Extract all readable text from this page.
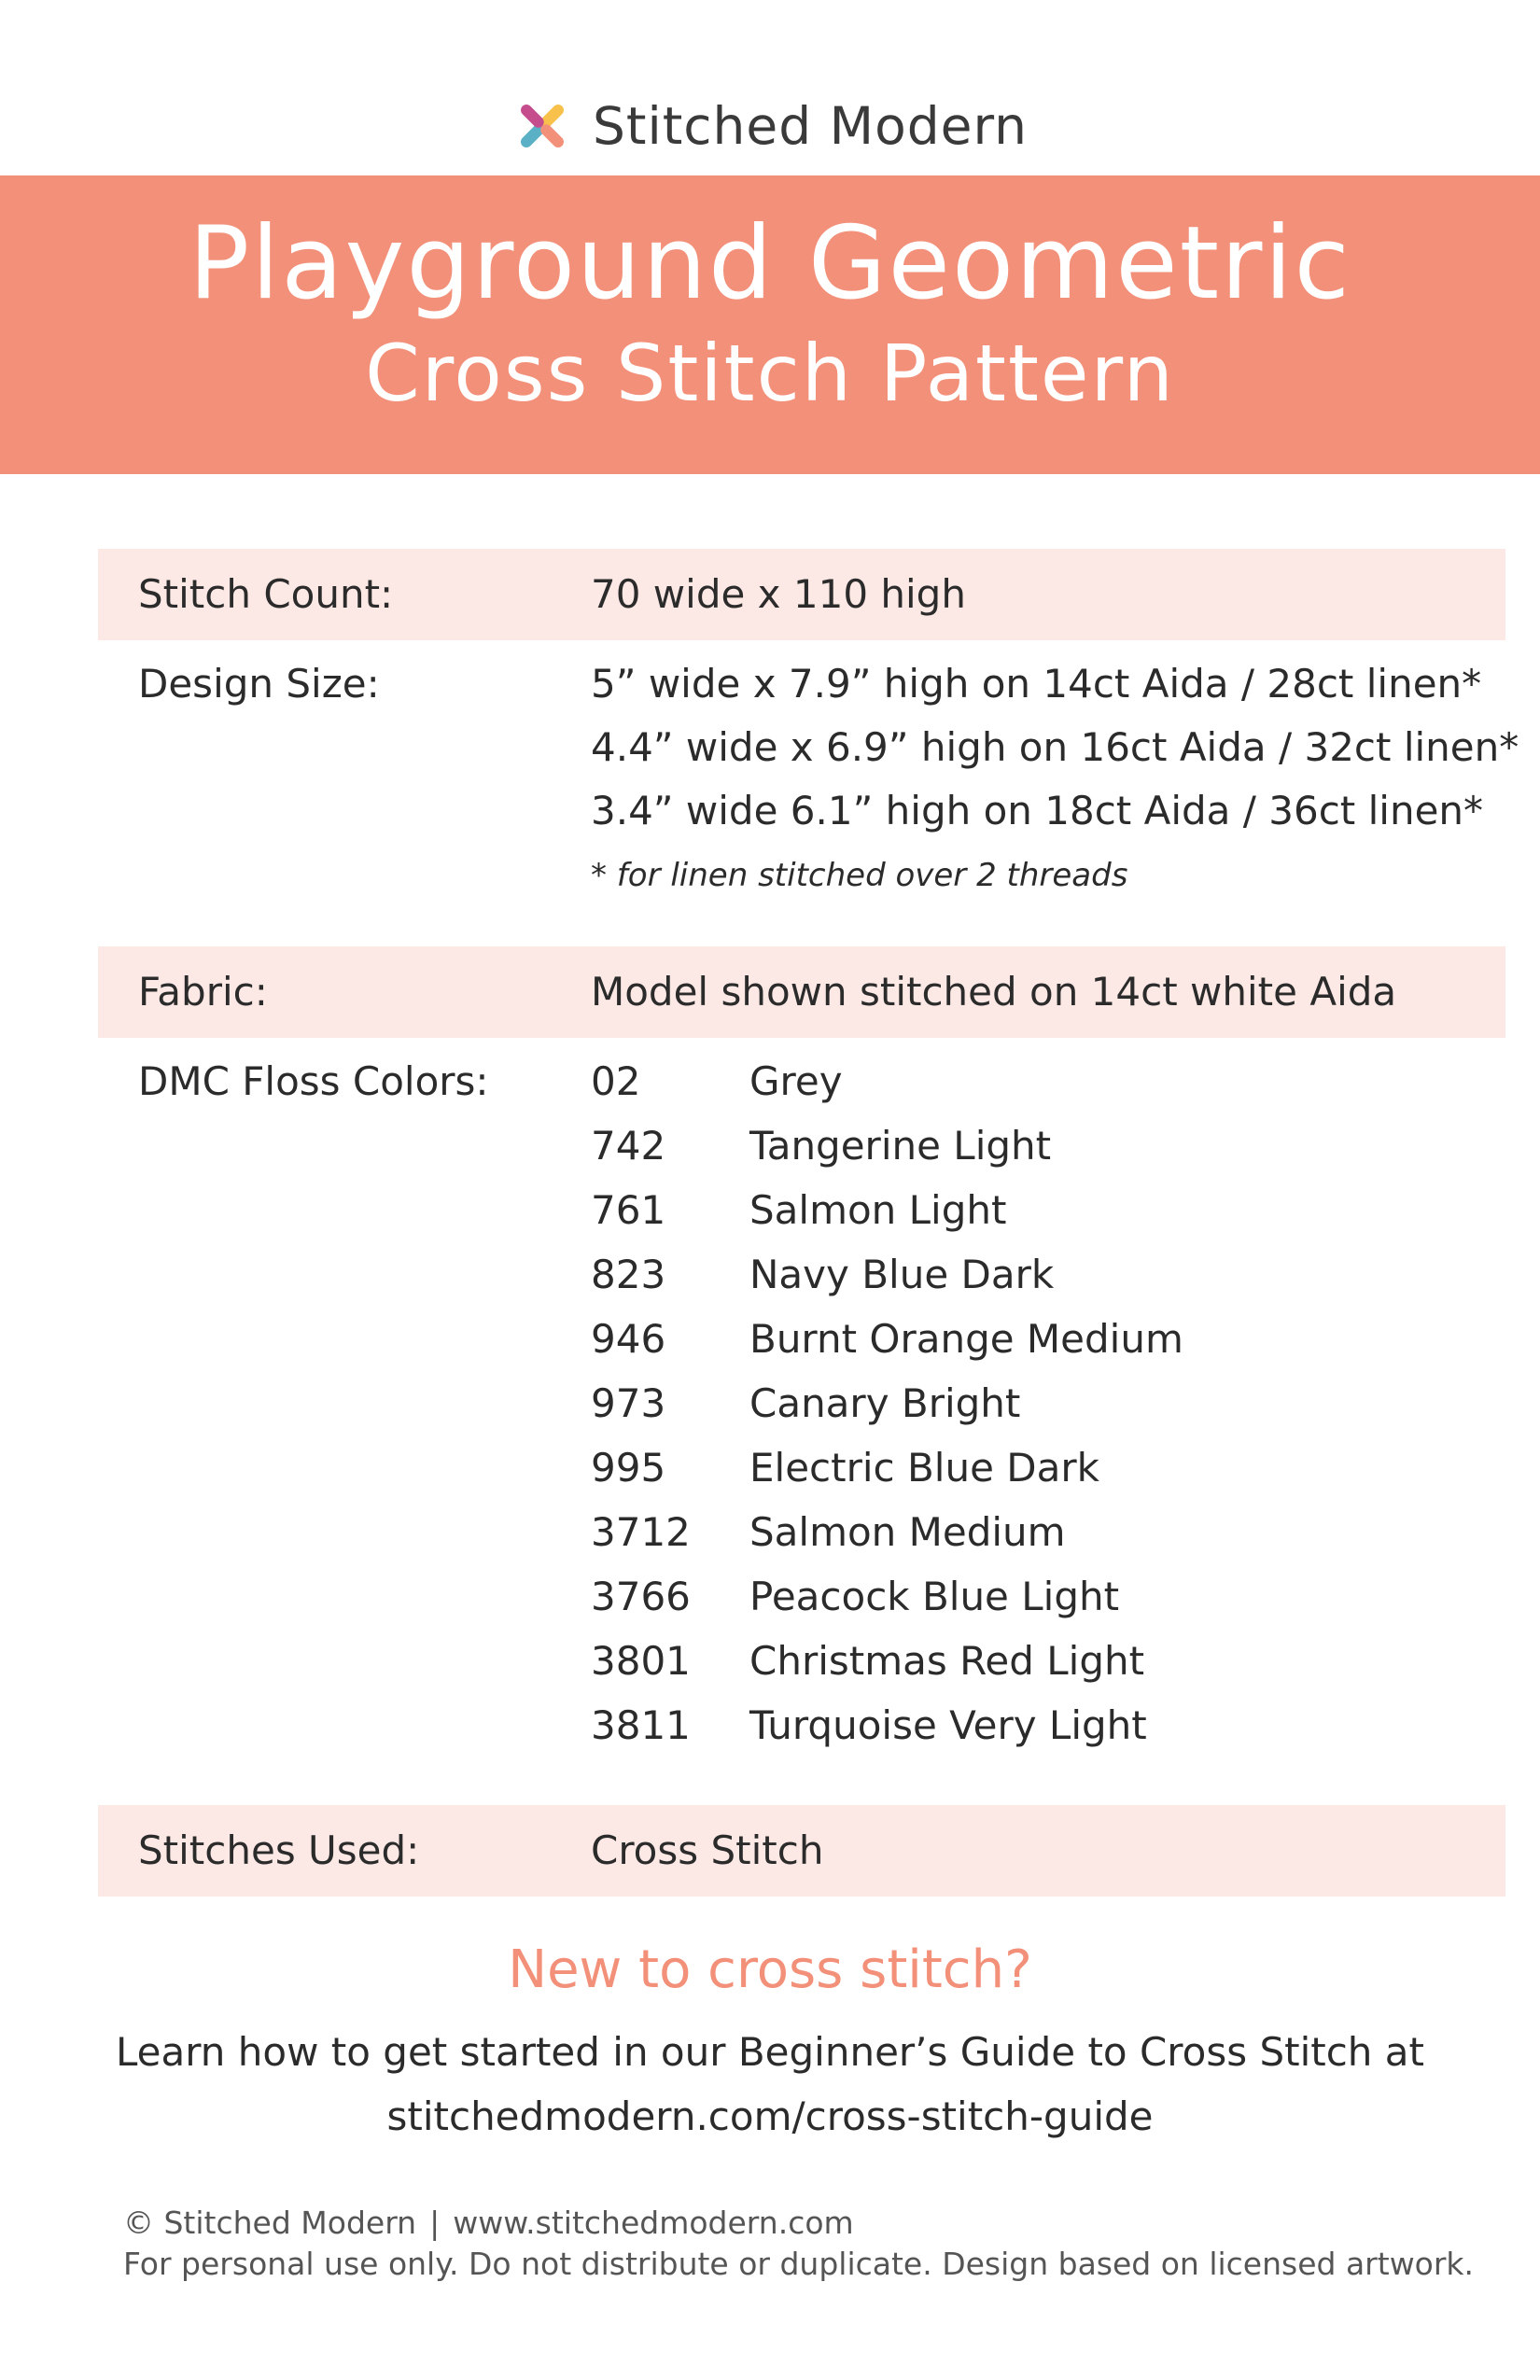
Stitched Modern
Playground Geometric
Cross Stitch Pattern
Stitch Count:	70 wide x 110 high
Design Size:	5” wide x 7.9” high on 14ct Aida / 28ct linen*
4.4” wide x 6.9” high on 16ct Aida / 32ct linen*
3.4” wide 6.1” high on 18ct Aida / 36ct linen*
* for linen stitched over 2 threads
Fabric:	Model shown stitched on 14ct white Aida
DMC Floss Colors:	02	Grey
742 Tangerine Light
761 Salmon Light
823 Navy Blue Dark
946 Burnt Orange Medium
973 Canary Bright
995 Electric Blue Dark
3712 Salmon Medium
3766 Peacock Blue Light
3801 Christmas Red Light
3811 Turquoise Very Light
Stitches Used:	Cross Stitch
New to cross stitch?
Learn how to get started in our Beginner’s Guide to Cross Stitch at
stitchedmodern.com/cross-stitch-guide
© Stitched Modern | www.stitchedmodern.com
For personal use only. Do not distribute or duplicate. Design based on licensed artwork.
